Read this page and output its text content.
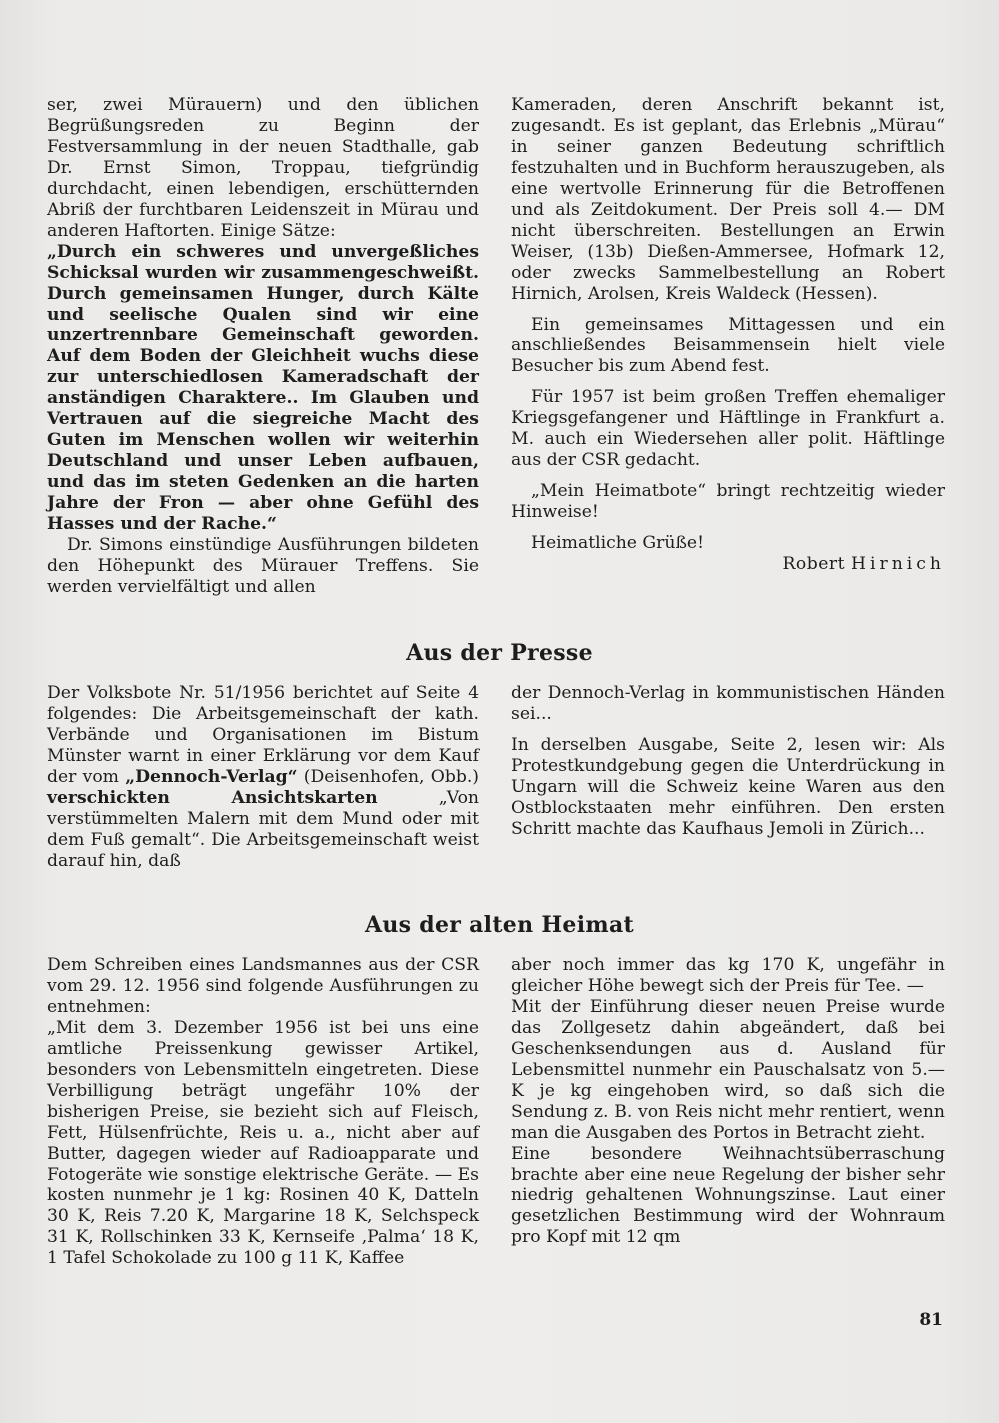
ser, zwei Mürauern) und den üblichen Begrüßungsreden zu Beginn der Festversammlung in der neuen Stadthalle, gab Dr. Ernst Simon, Troppau, tiefgründig durchdacht, einen lebendigen, erschütternden Abriß der furchtbaren Leidenszeit in Mürau und anderen Haftorten. Einige Sätze:

„Durch ein schweres und unvergeßliches Schicksal wurden wir zusammengeschweißt. Durch gemeinsamen Hunger, durch Kälte und seelische Qualen sind wir eine unzertrennbare Gemeinschaft geworden. Auf dem Boden der Gleichheit wuchs diese zur unterschiedlosen Kameradschaft der anständigen Charaktere.. Im Glauben und Vertrauen auf die siegreiche Macht des Guten im Menschen wollen wir weiterhin Deutschland und unser Leben aufbauen, und das im steten Gedenken an die harten Jahre der Fron — aber ohne Gefühl des Hasses und der Rache.“

Dr. Simons einstündige Ausführungen bildeten den Höhepunkt des Mürauer Treffens. Sie werden vervielfältigt und allen

Kameraden, deren Anschrift bekannt ist, zugesandt. Es ist geplant, das Erlebnis „Mürau“ in seiner ganzen Bedeutung schriftlich festzuhalten und in Buchform herauszugeben, als eine wertvolle Erinnerung für die Betroffenen und als Zeitdokument. Der Preis soll 4.— DM nicht überschreiten. Bestellungen an Erwin Weiser, (13b) Dießen-Ammersee, Hofmark 12, oder zwecks Sammelbestellung an Robert Hirnich, Arolsen, Kreis Waldeck (Hessen).

Ein gemeinsames Mittagessen und ein anschließendes Beisammensein hielt viele Besucher bis zum Abend fest.

Für 1957 ist beim großen Treffen ehemaliger Kriegsgefangener und Häftlinge in Frankfurt a. M. auch ein Wiedersehen aller polit. Häftlinge aus der CSR gedacht.

„Mein Heimatbote“ bringt rechtzeitig wieder Hinweise!

Heimatliche Grüße!

Robert Hirnich

Aus der Presse

Der Volksbote Nr. 51/1956 berichtet auf Seite 4 folgendes: Die Arbeitsgemeinschaft der kath. Verbände und Organisationen im Bistum Münster warnt in einer Erklärung vor dem Kauf der vom „Dennoch-Verlag“ (Deisenhofen, Obb.) verschickten Ansichtskarten „Von verstümmelten Malern mit dem Mund oder mit dem Fuß gemalt“. Die Arbeitsgemeinschaft weist darauf hin, daß

der Dennoch-Verlag in kommunistischen Händen sei...

In derselben Ausgabe, Seite 2, lesen wir: Als Protestkundgebung gegen die Unterdrückung in Ungarn will die Schweiz keine Waren aus den Ostblockstaaten mehr einführen. Den ersten Schritt machte das Kaufhaus Jemoli in Zürich...

Aus der alten Heimat

Dem Schreiben eines Landsmannes aus der CSR vom 29. 12. 1956 sind folgende Ausführungen zu entnehmen:

„Mit dem 3. Dezember 1956 ist bei uns eine amtliche Preissenkung gewisser Artikel, besonders von Lebensmitteln eingetreten. Diese Verbilligung beträgt ungefähr 10% der bisherigen Preise, sie bezieht sich auf Fleisch, Fett, Hülsenfrüchte, Reis u. a., nicht aber auf Butter, dagegen wieder auf Radioapparate und Fotogeräte wie sonstige elektrische Geräte. — Es kosten nunmehr je 1 kg: Rosinen 40 K, Datteln 30 K, Reis 7.20 K, Margarine 18 K, Selchspeck 31 K, Rollschinken 33 K, Kernseife ‚Palma‘ 18 K, 1 Tafel Schokolade zu 100 g 11 K, Kaffee

aber noch immer das kg 170 K, ungefähr in gleicher Höhe bewegt sich der Preis für Tee. —

Mit der Einführung dieser neuen Preise wurde das Zollgesetz dahin abgeändert, daß bei Geschenksendungen aus d. Ausland für Lebensmittel nunmehr ein Pauschalsatz von 5.— K je kg eingehoben wird, so daß sich die Sendung z. B. von Reis nicht mehr rentiert, wenn man die Ausgaben des Portos in Betracht zieht.

Eine besondere Weihnachtsüberraschung brachte aber eine neue Regelung der bisher sehr niedrig gehaltenen Wohnungszinse. Laut einer gesetzlichen Bestimmung wird der Wohnraum pro Kopf mit 12 qm

81
